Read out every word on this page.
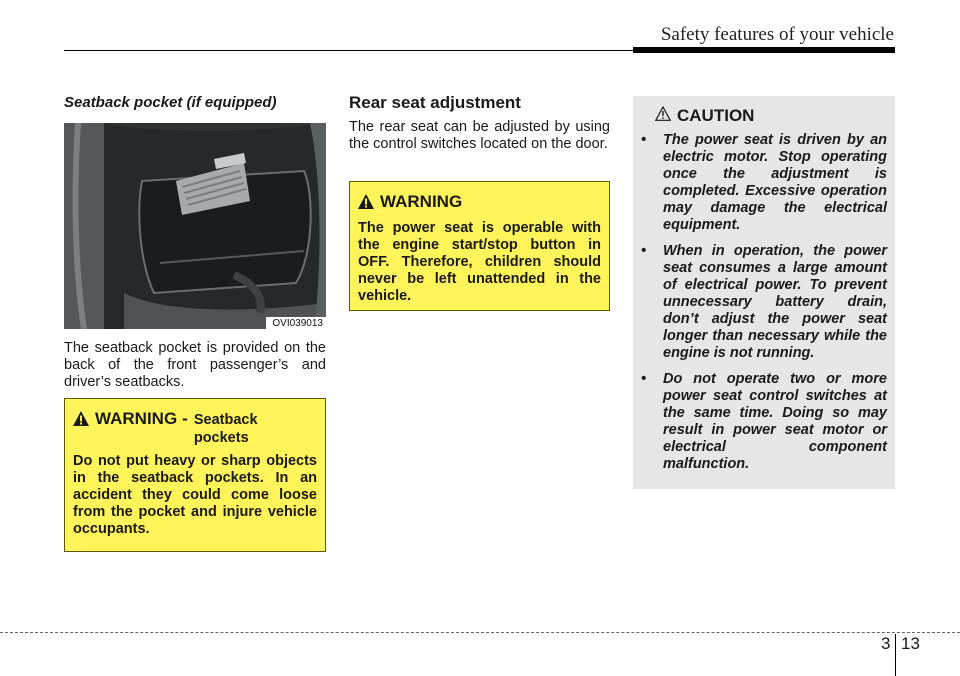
Safety features of your vehicle
Seatback pocket (if equipped)
OVI039013
The seatback pocket is provided on the back of the front passenger’s and driver’s seatbacks.
WARNING - Seatback pockets
Do not put heavy or sharp objects in the seatback pockets. In an accident they could come loose from the pocket and injure vehicle occupants.
Rear seat adjustment
The rear seat can be adjusted by using the control switches located on the door.
WARNING
The power seat is operable with the engine start/stop button in OFF. Therefore, children should never be left unattended in the vehicle.
CAUTION
• The power seat is driven by an electric motor. Stop operating once the adjustment is completed. Excessive operation may damage the electrical equipment.
• When in operation, the power seat consumes a large amount of electrical power. To prevent unnecessary battery drain, don’t adjust the power seat longer than necessary while the engine is not running.
• Do not operate two or more power seat control switches at the same time. Doing so may result in power seat motor or electrical component malfunction.
3 13
